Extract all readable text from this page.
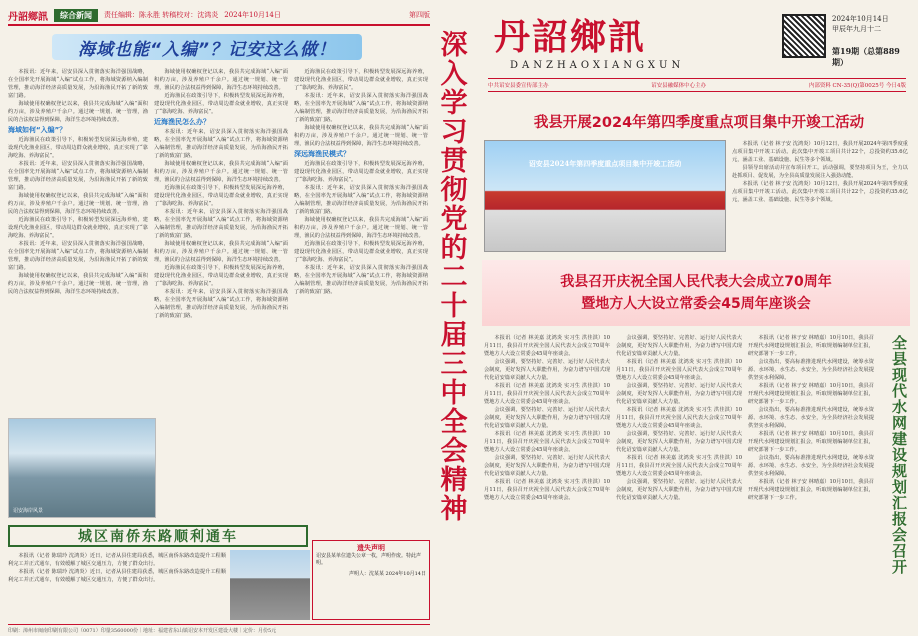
丹詔鄉訊	综合新闻	责任编辑：陈永胜 转稿校对：沈鸿炎 2024年10月14日	第四版
海域也能“入编”？记安这么做！

本报讯：近年来，诏安县深入贯彻落实海洋强国战略，在全国率先开展海域“入编”试点工作，将海域资源纳入编制管理，推动海洋经济高质量发展，为沿海渔民开拓了新的致富门路。

海域使用权确权登记以来，我县共完成海域“入编”面积约万亩，涉及养殖户千余户。通过统一规划、统一管理，渔民的合法权益得到保障，海洋生态环境持续改善。

海域如何“入编”？

近海渔民在政策引导下，积极转型发展深远海养殖，建设现代化渔业园区，带动周边群众就业增收，真正实现了“靠海吃海、养海富民”。

本报讯：近年来，诏安县深入贯彻落实海洋强国战略，在全国率先开展海域“入编”试点工作，将海域资源纳入编制管理，推动海洋经济高质量发展，为沿海渔民开拓了新的致富门路。

海域使用权确权登记以来，我县共完成海域“入编”面积约万亩，涉及养殖户千余户。通过统一规划、统一管理，渔民的合法权益得到保障，海洋生态环境持续改善。

近海渔民在政策引导下，积极转型发展深远海养殖，建设现代化渔业园区，带动周边群众就业增收，真正实现了“靠海吃海、养海富民”。

本报讯：近年来，诏安县深入贯彻落实海洋强国战略，在全国率先开展海域“入编”试点工作，将海域资源纳入编制管理，推动海洋经济高质量发展，为沿海渔民开拓了新的致富门路。

海域使用权确权登记以来，我县共完成海域“入编”面积约万亩，涉及养殖户千余户。通过统一规划、统一管理，渔民的合法权益得到保障，海洋生态环境持续改善。

海域使用权确权登记以来，我县共完成海域“入编”面积约万亩，涉及养殖户千余户。通过统一规划、统一管理，渔民的合法权益得到保障，海洋生态环境持续改善。

近海渔民在政策引导下，积极转型发展深远海养殖，建设现代化渔业园区，带动周边群众就业增收，真正实现了“靠海吃海、养海富民”。

近海渔民怎么办？

本报讯：近年来，诏安县深入贯彻落实海洋强国战略，在全国率先开展海域“入编”试点工作，将海域资源纳入编制管理，推动海洋经济高质量发展，为沿海渔民开拓了新的致富门路。

海域使用权确权登记以来，我县共完成海域“入编”面积约万亩，涉及养殖户千余户。通过统一规划、统一管理，渔民的合法权益得到保障，海洋生态环境持续改善。

近海渔民在政策引导下，积极转型发展深远海养殖，建设现代化渔业园区，带动周边群众就业增收，真正实现了“靠海吃海、养海富民”。

本报讯：近年来，诏安县深入贯彻落实海洋强国战略，在全国率先开展海域“入编”试点工作，将海域资源纳入编制管理，推动海洋经济高质量发展，为沿海渔民开拓了新的致富门路。

海域使用权确权登记以来，我县共完成海域“入编”面积约万亩，涉及养殖户千余户。通过统一规划、统一管理，渔民的合法权益得到保障，海洋生态环境持续改善。

近海渔民在政策引导下，积极转型发展深远海养殖，建设现代化渔业园区，带动周边群众就业增收，真正实现了“靠海吃海、养海富民”。

本报讯：近年来，诏安县深入贯彻落实海洋强国战略，在全国率先开展海域“入编”试点工作，将海域资源纳入编制管理，推动海洋经济高质量发展，为沿海渔民开拓了新的致富门路。

近海渔民在政策引导下，积极转型发展深远海养殖，建设现代化渔业园区，带动周边群众就业增收，真正实现了“靠海吃海、养海富民”。

本报讯：近年来，诏安县深入贯彻落实海洋强国战略，在全国率先开展海域“入编”试点工作，将海域资源纳入编制管理，推动海洋经济高质量发展，为沿海渔民开拓了新的致富门路。

海域使用权确权登记以来，我县共完成海域“入编”面积约万亩，涉及养殖户千余户。通过统一规划、统一管理，渔民的合法权益得到保障，海洋生态环境持续改善。

深远海渔民模式？

近海渔民在政策引导下，积极转型发展深远海养殖，建设现代化渔业园区，带动周边群众就业增收，真正实现了“靠海吃海、养海富民”。

本报讯：近年来，诏安县深入贯彻落实海洋强国战略，在全国率先开展海域“入编”试点工作，将海域资源纳入编制管理，推动海洋经济高质量发展，为沿海渔民开拓了新的致富门路。

海域使用权确权登记以来，我县共完成海域“入编”面积约万亩，涉及养殖户千余户。通过统一规划、统一管理，渔民的合法权益得到保障，海洋生态环境持续改善。

近海渔民在政策引导下，积极转型发展深远海养殖，建设现代化渔业园区，带动周边群众就业增收，真正实现了“靠海吃海、养海富民”。

本报讯：近年来，诏安县深入贯彻落实海洋强国战略，在全国率先开展海域“入编”试点工作，将海域资源纳入编制管理，推动海洋经济高质量发展，为沿海渔民开拓了新的致富门路。

诏安海岸风景
城区南侨东路顺利通车

本报讯（记者 陈瑞玲 沈鸿炎）近日，记者从县住建局获悉，城区南侨东路改造提升工程顺利完工并正式通车，有效缓解了城区交通压力，方便了群众出行。

本报讯（记者 陈瑞玲 沈鸿炎）近日，记者从县住建局获悉，城区南侨东路改造提升工程顺利完工并正式通车，有效缓解了城区交通压力，方便了群众出行。

遗失声明
诏安县某单位遗失公章一枚，声明作废。特此声明。
声明人：沈某某 2024年10月14日
印刷：漳州市闽南印刷有限公司（0071）印量3560000份｜地址：福建省东山镇诏安本开发区建设大楼｜定价：月份5元
深入学习贯彻党的二十届三中全会精神 丹詔鄉訊
DANZHAOXIANGXUN
2024年10月14日
甲辰年九月十二
第19期（总第889期）
中共诏安县委宣传部主办	诏安县融媒体中心主办	内部资料 CN-35(Q)第0025号 今日4版
我县开展2024年第四季度重点项目集中开竣工活动
诏安县2024年第四季度重点项目集中开竣工活动

本报讯（记者 林子安 沈鸿炎）10月12日，我县开展2024年第四季度重点项目集中开竣工活动。此次集中开竣工项目共计22个，总投资约35.6亿元，涵盖工业、基础设施、民生等多个领域。

县领导出席活动并宣布项目开工。活动强调，要坚持项目为王，全力以赴抓项目、促发展，为全县高质量发展注入强劲动能。

本报讯（记者 林子安 沈鸿炎）10月12日，我县开展2024年第四季度重点项目集中开竣工活动。此次集中开竣工项目共计22个，总投资约35.6亿元，涵盖工业、基础设施、民生等多个领域。

我县召开庆祝全国人民代表大会成立70周年
暨地方人大设立常委会45周年座谈会

本报讯（记者 林美嘉 沈鸿炎 实习生 洪佳淇）10月11日，我县召开庆祝全国人民代表大会成立70周年暨地方人大设立常委会45周年座谈会。

会议强调，要坚持好、完善好、运行好人民代表大会制度，更好发挥人大职能作用，为奋力谱写中国式现代化诏安篇章贡献人大力量。

本报讯（记者 林美嘉 沈鸿炎 实习生 洪佳淇）10月11日，我县召开庆祝全国人民代表大会成立70周年暨地方人大设立常委会45周年座谈会。

会议强调，要坚持好、完善好、运行好人民代表大会制度，更好发挥人大职能作用，为奋力谱写中国式现代化诏安篇章贡献人大力量。

本报讯（记者 林美嘉 沈鸿炎 实习生 洪佳淇）10月11日，我县召开庆祝全国人民代表大会成立70周年暨地方人大设立常委会45周年座谈会。

会议强调，要坚持好、完善好、运行好人民代表大会制度，更好发挥人大职能作用，为奋力谱写中国式现代化诏安篇章贡献人大力量。

本报讯（记者 林美嘉 沈鸿炎 实习生 洪佳淇）10月11日，我县召开庆祝全国人民代表大会成立70周年暨地方人大设立常委会45周年座谈会。

会议强调，要坚持好、完善好、运行好人民代表大会制度，更好发挥人大职能作用，为奋力谱写中国式现代化诏安篇章贡献人大力量。

本报讯（记者 林美嘉 沈鸿炎 实习生 洪佳淇）10月11日，我县召开庆祝全国人民代表大会成立70周年暨地方人大设立常委会45周年座谈会。

会议强调，要坚持好、完善好、运行好人民代表大会制度，更好发挥人大职能作用，为奋力谱写中国式现代化诏安篇章贡献人大力量。

本报讯（记者 林美嘉 沈鸿炎 实习生 洪佳淇）10月11日，我县召开庆祝全国人民代表大会成立70周年暨地方人大设立常委会45周年座谈会。

会议强调，要坚持好、完善好、运行好人民代表大会制度，更好发挥人大职能作用，为奋力谱写中国式现代化诏安篇章贡献人大力量。

本报讯（记者 林美嘉 沈鸿炎 实习生 洪佳淇）10月11日，我县召开庆祝全国人民代表大会成立70周年暨地方人大设立常委会45周年座谈会。

会议强调，要坚持好、完善好、运行好人民代表大会制度，更好发挥人大职能作用，为奋力谱写中国式现代化诏安篇章贡献人大力量。

本报讯（记者 林子安 林晴嘉）10月10日，我县召开现代水网建设规划汇报会，听取规划编制单位汇报，研究部署下一步工作。

会议指出，要高标准推进现代水网建设，统筹水资源、水环境、水生态、水安全，为全县经济社会发展提供坚实水利保障。

本报讯（记者 林子安 林晴嘉）10月10日，我县召开现代水网建设规划汇报会，听取规划编制单位汇报，研究部署下一步工作。

会议指出，要高标准推进现代水网建设，统筹水资源、水环境、水生态、水安全，为全县经济社会发展提供坚实水利保障。

本报讯（记者 林子安 林晴嘉）10月10日，我县召开现代水网建设规划汇报会，听取规划编制单位汇报，研究部署下一步工作。

会议指出，要高标准推进现代水网建设，统筹水资源、水环境、水生态、水安全，为全县经济社会发展提供坚实水利保障。

本报讯（记者 林子安 林晴嘉）10月10日，我县召开现代水网建设规划汇报会，听取规划编制单位汇报，研究部署下一步工作。	全县现代水网建设规划汇报会召开
